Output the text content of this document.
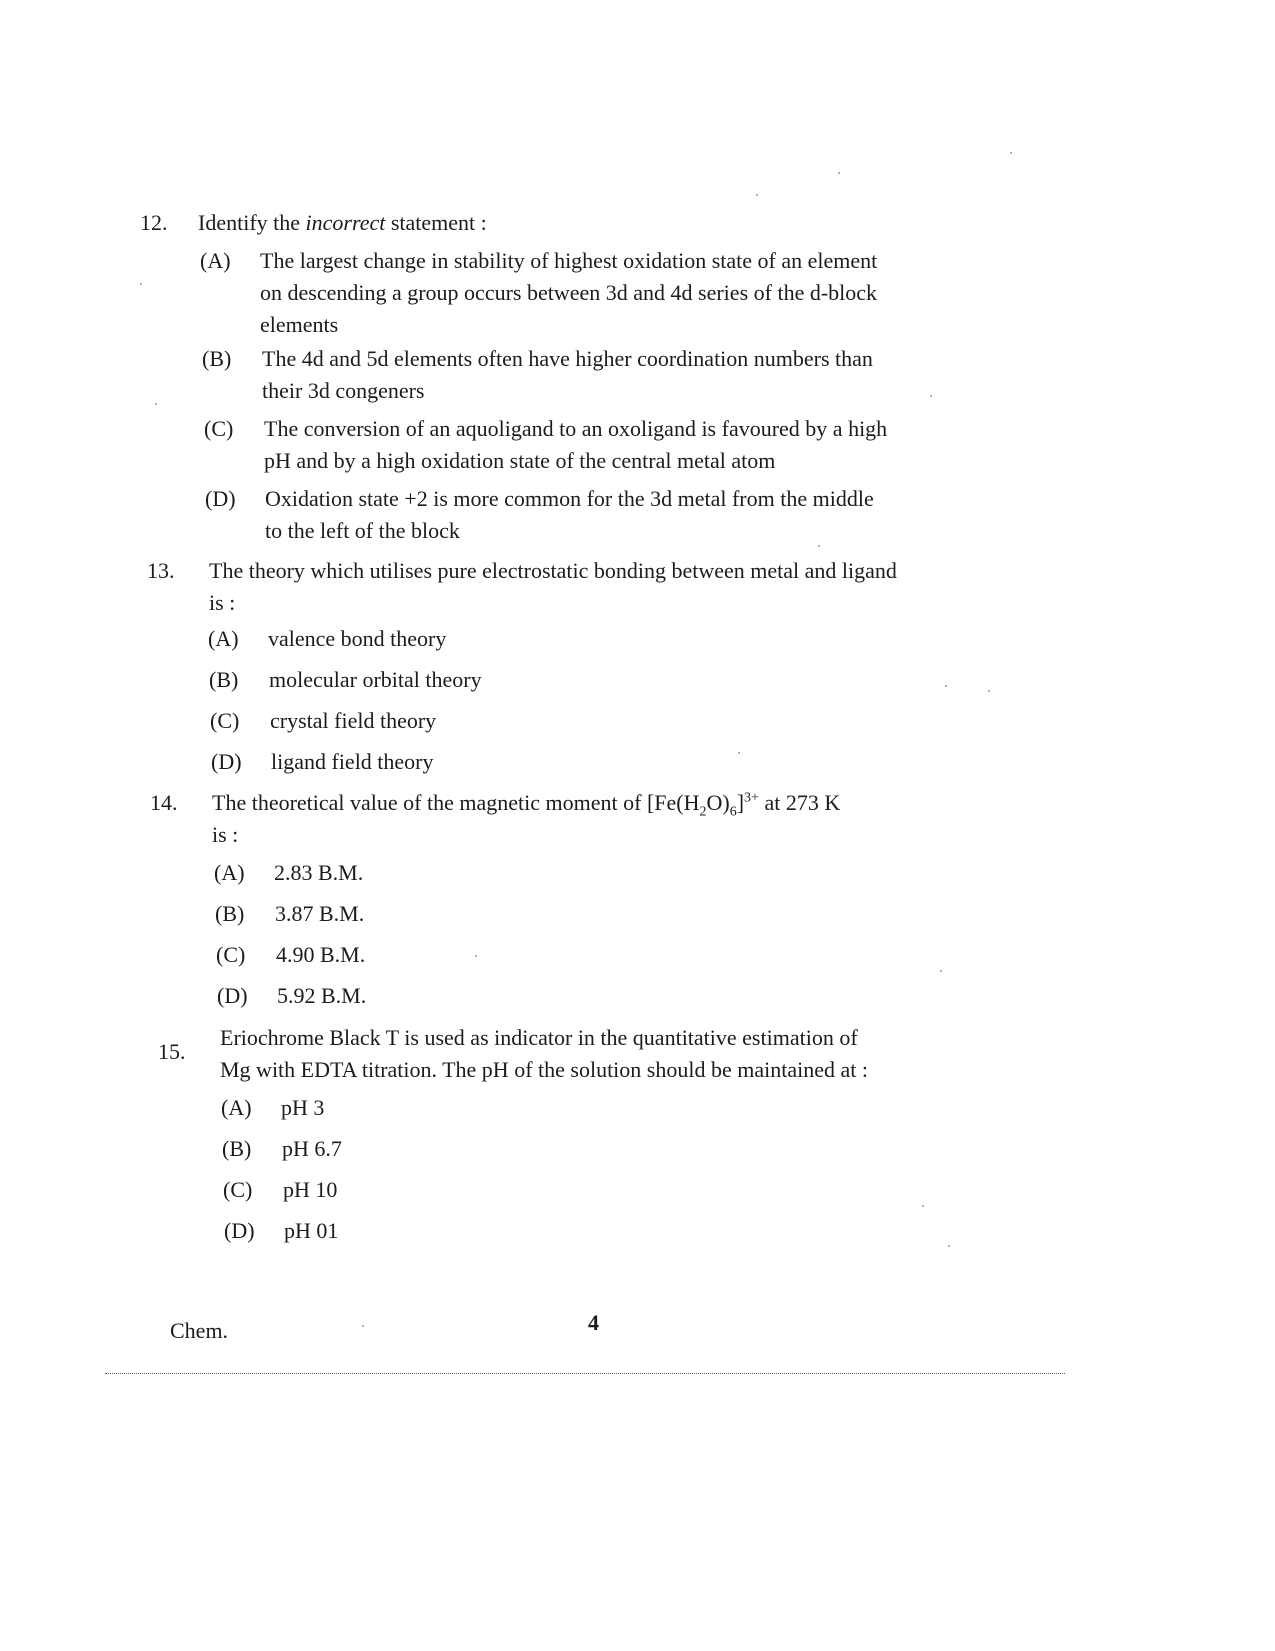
12.	Identify the incorrect statement :
(A)	The largest change in stability of highest oxidation state of an element
on descending a group occurs between 3d and 4d series of the d-block
elements
(B)	The 4d and 5d elements often have higher coordination numbers than
their 3d congeners
(C)	The conversion of an aquoligand to an oxoligand is favoured by a high
pH and by a high oxidation state of the central metal atom
(D)	Oxidation state +2 is more common for the 3d metal from the middle
to the left of the block
13.	The theory which utilises pure electrostatic bonding between metal and ligand
is :
(A)	valence bond theory
(B)	molecular orbital theory
(C)	crystal field theory
(D)	ligand field theory
14.	The theoretical value of the magnetic moment of $[Fe(H_2O)_6]^{3+}$ at 273 K
is :
(A)	2.83 B.M.
(B)	3.87 B.M.
(C)	4.90 B.M.
(D)	5.92 B.M.
15.
Eriochrome Black T is used as indicator in the quantitative estimation of
Mg with EDTA titration. The pH of the solution should be maintained at :
(A)	pH 3
(B)	pH 6.7
(C)	pH 10
(D)	pH 01
Chem.	4
